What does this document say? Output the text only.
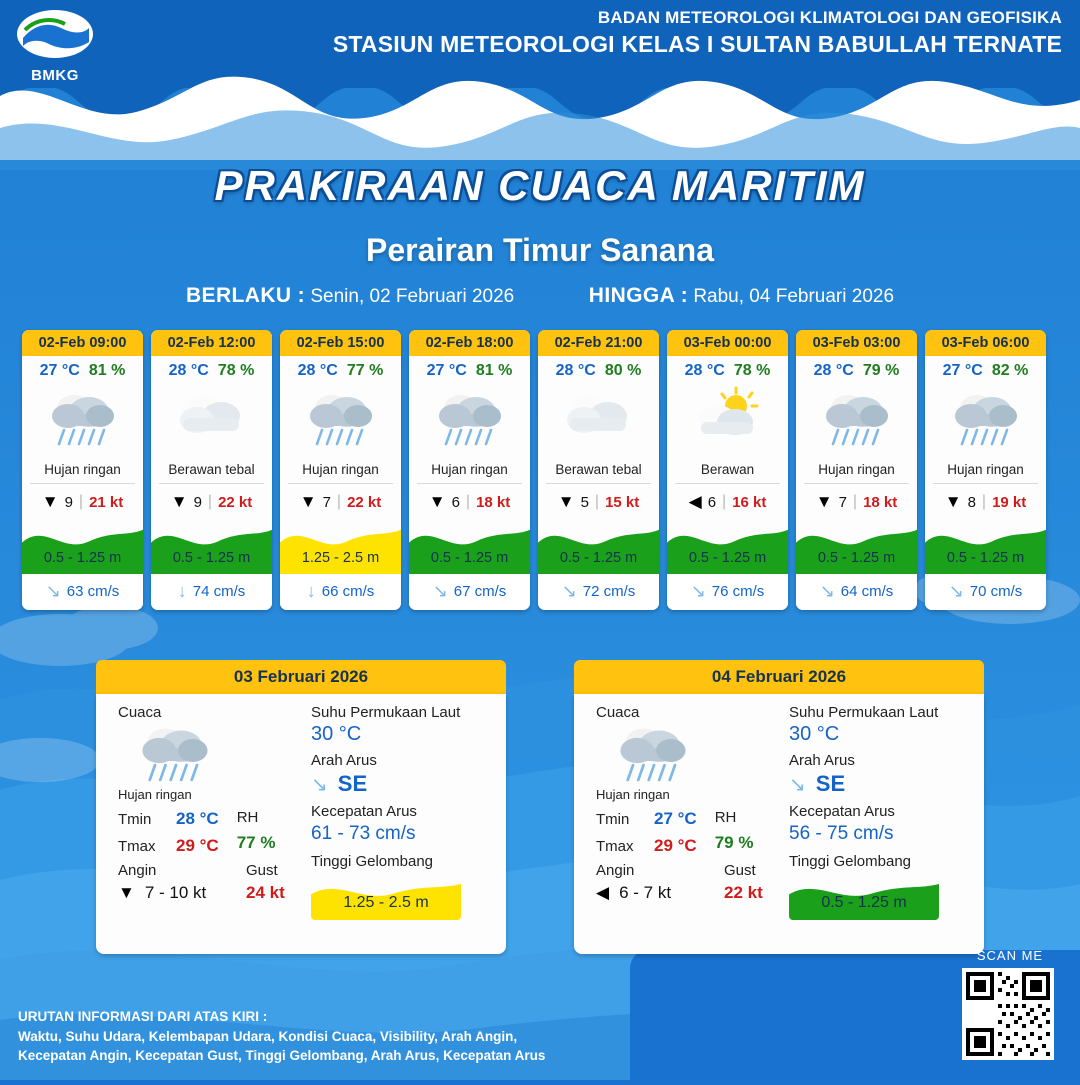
BMKG
BADAN METEOROLOGI KLIMATOLOGI DAN GEOFISIKA
STASIUN METEOROLOGI KELAS I SULTAN BABULLAH TERNATE
PRAKIRAAN CUACA MARITIM
Perairan Timur Sanana
BERLAKU : Senin, 02 Februari 2026	HINGGA : Rabu, 04 Februari 2026
02-Feb 09:00
27 °C 81 %
Hujan ringan
▼ 9 | 21 kt
0.5 - 1.25 m
↘ 63 cm/s
02-Feb 12:00
28 °C 78 %
Berawan tebal
▼ 9 | 22 kt
0.5 - 1.25 m
↓ 74 cm/s
02-Feb 15:00
28 °C 77 %
Hujan ringan
▼ 7 | 22 kt
1.25 - 2.5 m
↓ 66 cm/s
02-Feb 18:00
27 °C 81 %
Hujan ringan
▼ 6 | 18 kt
0.5 - 1.25 m
↘ 67 cm/s
02-Feb 21:00
28 °C 80 %
Berawan tebal
▼ 5 | 15 kt
0.5 - 1.25 m
↘ 72 cm/s
03-Feb 00:00
28 °C 78 %
Berawan
◀ 6 | 16 kt
0.5 - 1.25 m
↘ 76 cm/s
03-Feb 03:00
28 °C 79 %
Hujan ringan
▼ 7 | 18 kt
0.5 - 1.25 m
↘ 64 cm/s
03-Feb 06:00
27 °C 82 %
Hujan ringan
▼ 8 | 19 kt
0.5 - 1.25 m
↘ 70 cm/s
03 Februari 2026
Cuaca
Hujan ringan
Tmin	28 °C
Tmax	29 °C
RH
77 %
Angin
▼ 7 - 10 kt
Gust
24 kt
Suhu Permukaan Laut
30 °C
Arah Arus
↘ SE
Kecepatan Arus
61 - 73 cm/s
Tinggi Gelombang
1.25 - 2.5 m
04 Februari 2026
Cuaca
Hujan ringan
Tmin	27 °C
Tmax	29 °C
RH
79 %
Angin
◀ 6 - 7 kt
Gust
22 kt
Suhu Permukaan Laut
30 °C
Arah Arus
↘ SE
Kecepatan Arus
56 - 75 cm/s
Tinggi Gelombang
0.5 - 1.25 m
URUTAN INFORMASI DARI ATAS KIRI :
Waktu, Suhu Udara, Kelembapan Udara, Kondisi Cuaca, Visibility, Arah Angin,
Kecepatan Angin, Kecepatan Gust, Tinggi Gelombang, Arah Arus, Kecepatan Arus
SCAN ME
